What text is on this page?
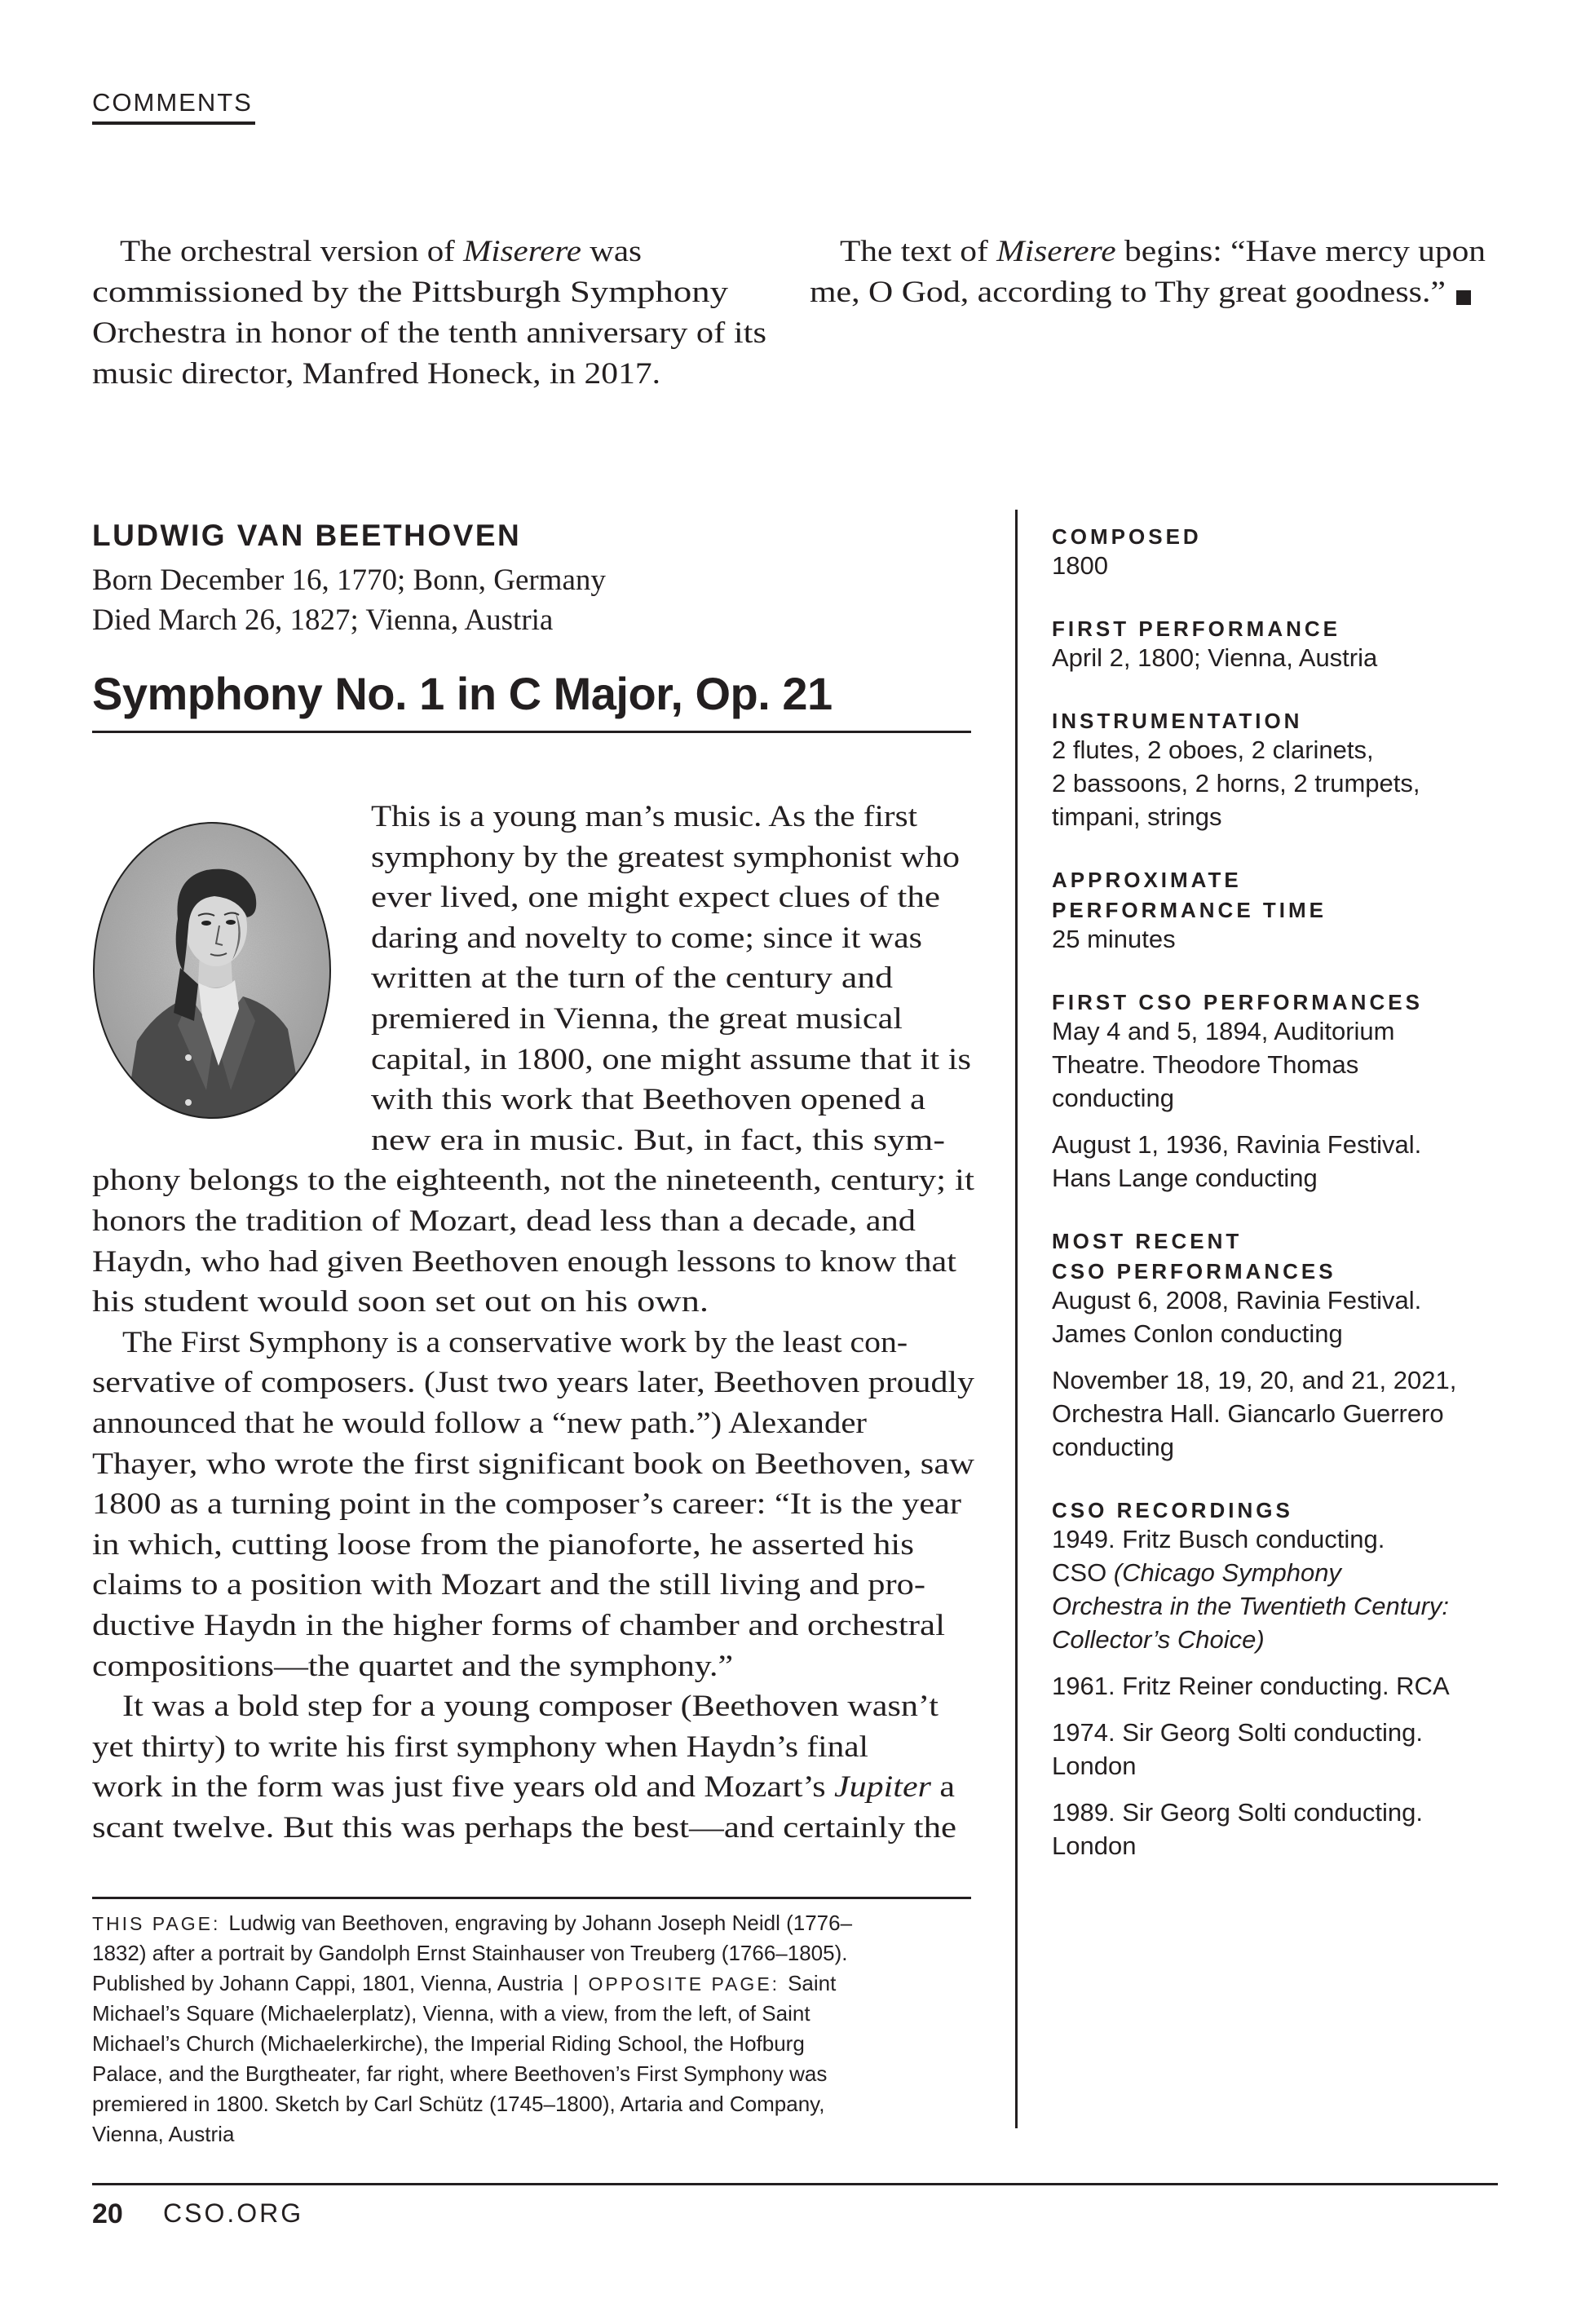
COMMENTS
The orchestral version of Miserere was
commissioned by the Pittsburgh Symphony
Orchestra in honor of the tenth anniversary of its
music director, Manfred Honeck, in 2017.
The text of Miserere begins: “Have mercy upon
me, O God, according to Thy great goodness.”
LUDWIG VAN BEETHOVEN
Born December 16, 1770; Bonn, Germany
Died March 26, 1827; Vienna, Austria
Symphony No. 1 in C Major, Op. 21
This is a young man’s music. As the first
symphony by the greatest symphonist who
ever lived, one might expect clues of the
daring and novelty to come; since it was
written at the turn of the century and
premiered in Vienna, the great musical
capital, in 1800, one might assume that it is
with this work that Beethoven opened a
new era in music. But, in fact, this sym-
phony belongs to the eighteenth, not the nineteenth, century; it
honors the tradition of Mozart, dead less than a decade, and
Haydn, who had given Beethoven enough lessons to know that
his student would soon set out on his own.
The First Symphony is a conservative work by the least con-
servative of composers. (Just two years later, Beethoven proudly
announced that he would follow a “new path.”) Alexander
Thayer, who wrote the first significant book on Beethoven, saw
1800 as a turning point in the composer’s career: “It is the year
in which, cutting loose from the pianoforte, he asserted his
claims to a position with Mozart and the still living and pro-
ductive Haydn in the higher forms of chamber and orchestral
compositions—the quartet and the symphony.”
It was a bold step for a young composer (Beethoven wasn’t
yet thirty) to write his first symphony when Haydn’s final
work in the form was just five years old and Mozart’s Jupiter a
scant twelve. But this was perhaps the best—and certainly the
COMPOSED
1800
FIRST PERFORMANCE
April 2, 1800; Vienna, Austria
INSTRUMENTATION
2 flutes, 2 oboes, 2 clarinets,
2 bassoons, 2 horns, 2 trumpets,
timpani, strings
APPROXIMATE
PERFORMANCE TIME
25 minutes
FIRST CSO PERFORMANCES
May 4 and 5, 1894, Auditorium
Theatre. Theodore Thomas
conducting
August 1, 1936, Ravinia Festival.
Hans Lange conducting
MOST RECENT
CSO PERFORMANCES
August 6, 2008, Ravinia Festival.
James Conlon conducting
November 18, 19, 20, and 21, 2021,
Orchestra Hall. Giancarlo Guerrero
conducting
CSO RECORDINGS
1949. Fritz Busch conducting.
CSO (Chicago Symphony
Orchestra in the Twentieth Century:
Collector’s Choice)
1961. Fritz Reiner conducting. RCA
1974. Sir Georg Solti conducting.
London
1989. Sir Georg Solti conducting.
London
THIS PAGE: Ludwig van Beethoven, engraving by Johann Joseph Neidl (1776–
1832) after a portrait by Gandolph Ernst Stainhauser von Treuberg (1766–1805).
Published by Johann Cappi, 1801, Vienna, Austria | OPPOSITE PAGE: Saint
Michael’s Square (Michaelerplatz), Vienna, with a view, from the left, of Saint
Michael’s Church (Michaelerkirche), the Imperial Riding School, the Hofburg
Palace, and the Burgtheater, far right, where Beethoven’s First Symphony was
premiered in 1800. Sketch by Carl Schütz (1745–1800), Artaria and Company,
Vienna, Austria
20 CSO.ORG
